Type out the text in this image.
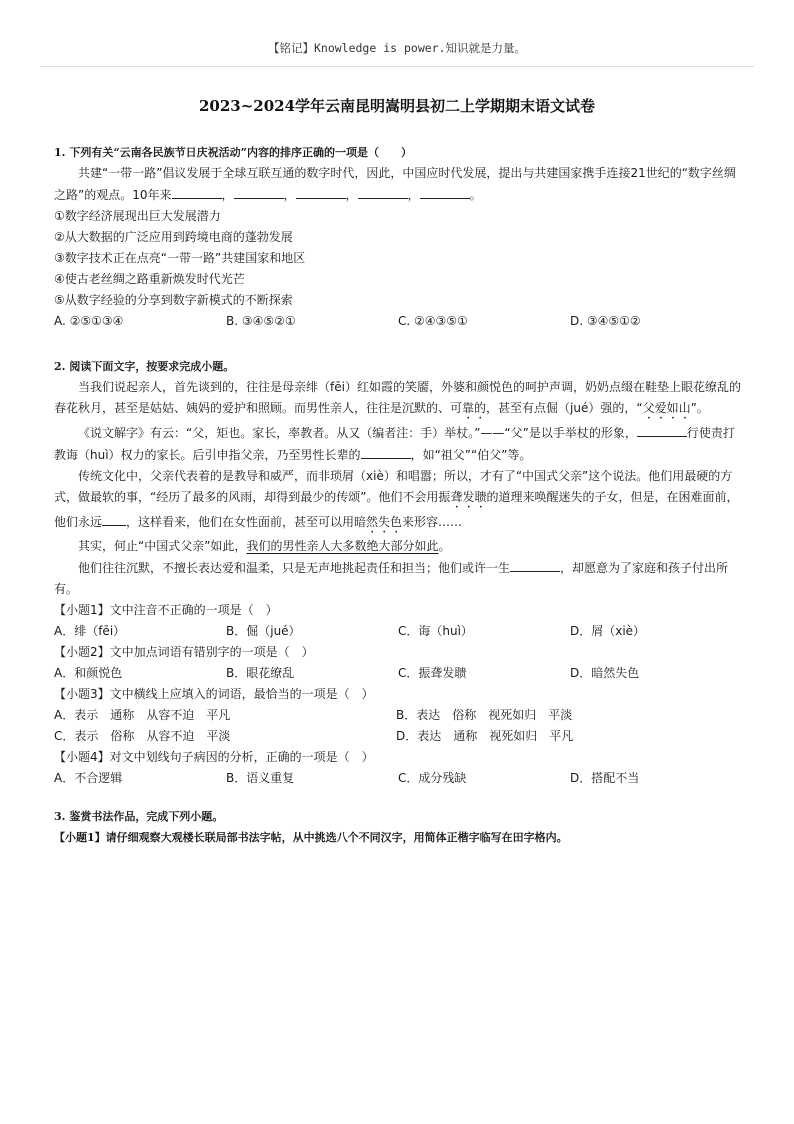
【铭记】Knowledge is power.知识就是力量。
2023~2024学年云南昆明嵩明县初二上学期期末语文试卷

1. 下列有关“云南各民族节日庆祝活动”内容的排序正确的一项是（　　）

共建“一带一路”倡议发展于全球互联互通的数字时代，因此，中国应时代发展，提出与共建国家携手连接21世纪的“数字丝绸之路”的观点。10年来	，	，	，	，	。

①数字经济展现出巨大发展潜力

②从大数据的广泛应用到跨境电商的蓬勃发展

③数字技术正在点亮“一带一路”共建国家和地区

④使古老丝绸之路重新焕发时代光芒

⑤从数字经验的分享到数字新模式的不断探索

A. ②⑤①③④	B. ③④⑤②①	C. ②④③⑤①	D. ③④⑤①②

2. 阅读下面文字，按要求完成小题。

当我们说起亲人，首先谈到的，往往是母亲绯（fēi）红如霞的笑靥，外婆和颜悦色的呵护声调，奶奶点缀在鞋垫上眼花缭乱的春花秋月，甚至是姑姑、姨妈的爱护和照顾。而男性亲人，往往是沉默的、可靠的，甚至有点倔（jué）强的，“父爱如山”。

《说文解字》有云：“父，矩也。家长，率教者。从又（编者注：手）举杖。”——“父”是以手举杖的形象，	行使责打教诲（huì）权力的家长。后引申指父亲，乃至男性长辈的	，如“祖父”“伯父”等。

传统文化中，父亲代表着的是教导和威严，而非琐屑（xiè）和唱嚣；所以，才有了“中国式父亲”这个说法。他们用最硬的方式，做最软的事，“经历了最多的风雨，却得到最少的传颂”。他们不会用振聋发聩的道理来唤醒迷失的子女，但是，在困难面前，他们永远 ，这样看来，他们在女性面前，甚至可以用暗然失色来形容……

其实，何止“中国式父亲”如此，我们的男性亲人大多数绝大部分如此。

他们往往沉默，不擅长表达爱和温柔，只是无声地挑起责任和担当；他们或许一生	，却愿意为了家庭和孩子付出所有。

【小题1】文中注音不正确的一项是（　）

A．绯（fēi）	B．倔（jué）	C．诲（huì）	D．屑（xiè）

【小题2】文中加点词语有错别字的一项是（　）

A．和颜悦色	B．眼花缭乱	C．振聋发聩	D．暗然失色

【小题3】文中横线上应填入的词语，最恰当的一项是（　）

A．表示　通称　从容不迫　平凡	B．表达　俗称　视死如归　平淡
C．表示　俗称　从容不迫　平淡	D．表达　通称　视死如归　平凡

【小题4】对文中划线句子病因的分析，正确的一项是（　）

A．不合逻辑	B．语义重复	C．成分残缺	D．搭配不当

3. 鉴赏书法作品，完成下列小题。

【小题1】请仔细观察大观楼长联局部书法字帖，从中挑选八个不同汉字，用简体正楷字临写在田字格内。
